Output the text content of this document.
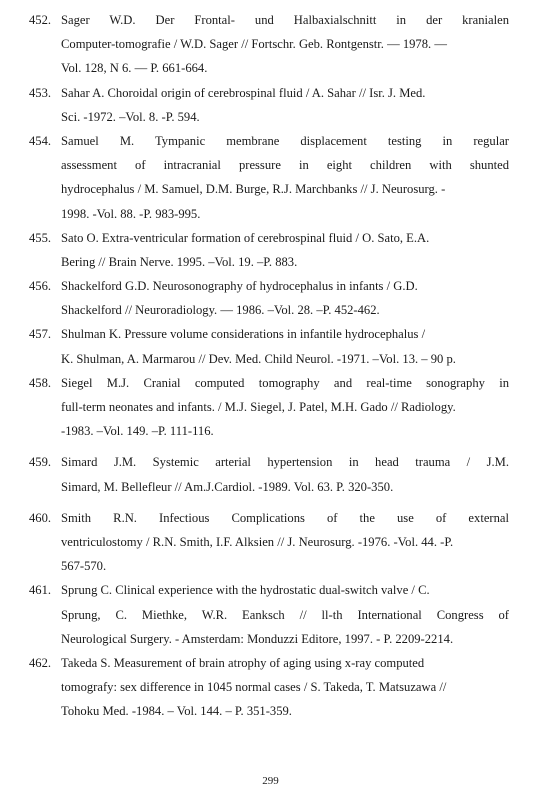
452. Sager W.D. Der Frontal- und Halbaxialschnitt in der kranialen
Computer-tomografie / W.D. Sager // Fortschr. Geb. Rontgenstr. — 1978. —
Vol. 128, N 6. — P. 661-664.
453. Sahar A. Choroidal origin of cerebrospinal fluid / A. Sahar // Isr. J. Med.
Sci. -1972. –Vol. 8. -P. 594.
454. Samuel M. Tympanic membrane displacement testing in regular
assessment of intracranial pressure in eight children with shunted
hydrocephalus / M. Samuel, D.M. Burge, R.J. Marchbanks // J. Neurosurg. -
1998. -Vol. 88. -P. 983-995.
455. Sato O. Extra-ventricular formation of cerebrospinal fluid / O. Sato, E.A.
Bering // Brain Nerve. 1995. –Vol. 19. –P. 883.
456. Shackelford G.D. Neurosonography of hydrocephalus in infants / G.D.
Shackelford // Neuroradiology. — 1986. –Vol. 28. –P. 452-462.
457. Shulman K. Pressure volume considerations in infantile hydrocephalus /
K. Shulman, A. Marmarou // Dev. Med. Child Neurol. -1971. –Vol. 13. – 90 p.
458. Siegel M.J. Cranial computed tomography and real-time sonography in
full-term neonates and infants. / M.J. Siegel, J. Patel, M.H. Gado // Radiology.
-1983. –Vol. 149. –P. 111-116.
459. Simard J.M. Systemic arterial hypertension in head trauma / J.M.
Simard, M. Bellefleur // Am.J.Cardiol. -1989. Vol. 63. P. 320-350.
460. Smith R.N. Infectious Complications of the use of external
ventriculostomy / R.N. Smith, I.F. Alksien // J. Neurosurg. -1976. -Vol. 44. -P.
567-570.
461. Sprung C. Clinical experience with the hydrostatic dual-switch valve / C.
Sprung, C. Miethke, W.R. Eanksch // ll-th International Congress of
Neurological Surgery. - Amsterdam: Monduzzi Editore, 1997. - P. 2209-2214.
462. Takeda S. Measurement of brain atrophy of aging using x-ray computed
tomografy: sex difference in 1045 normal cases / S. Takeda, T. Matsuzawa //
Tohoku Med. -1984. – Vol. 144. – P. 351-359.
299
